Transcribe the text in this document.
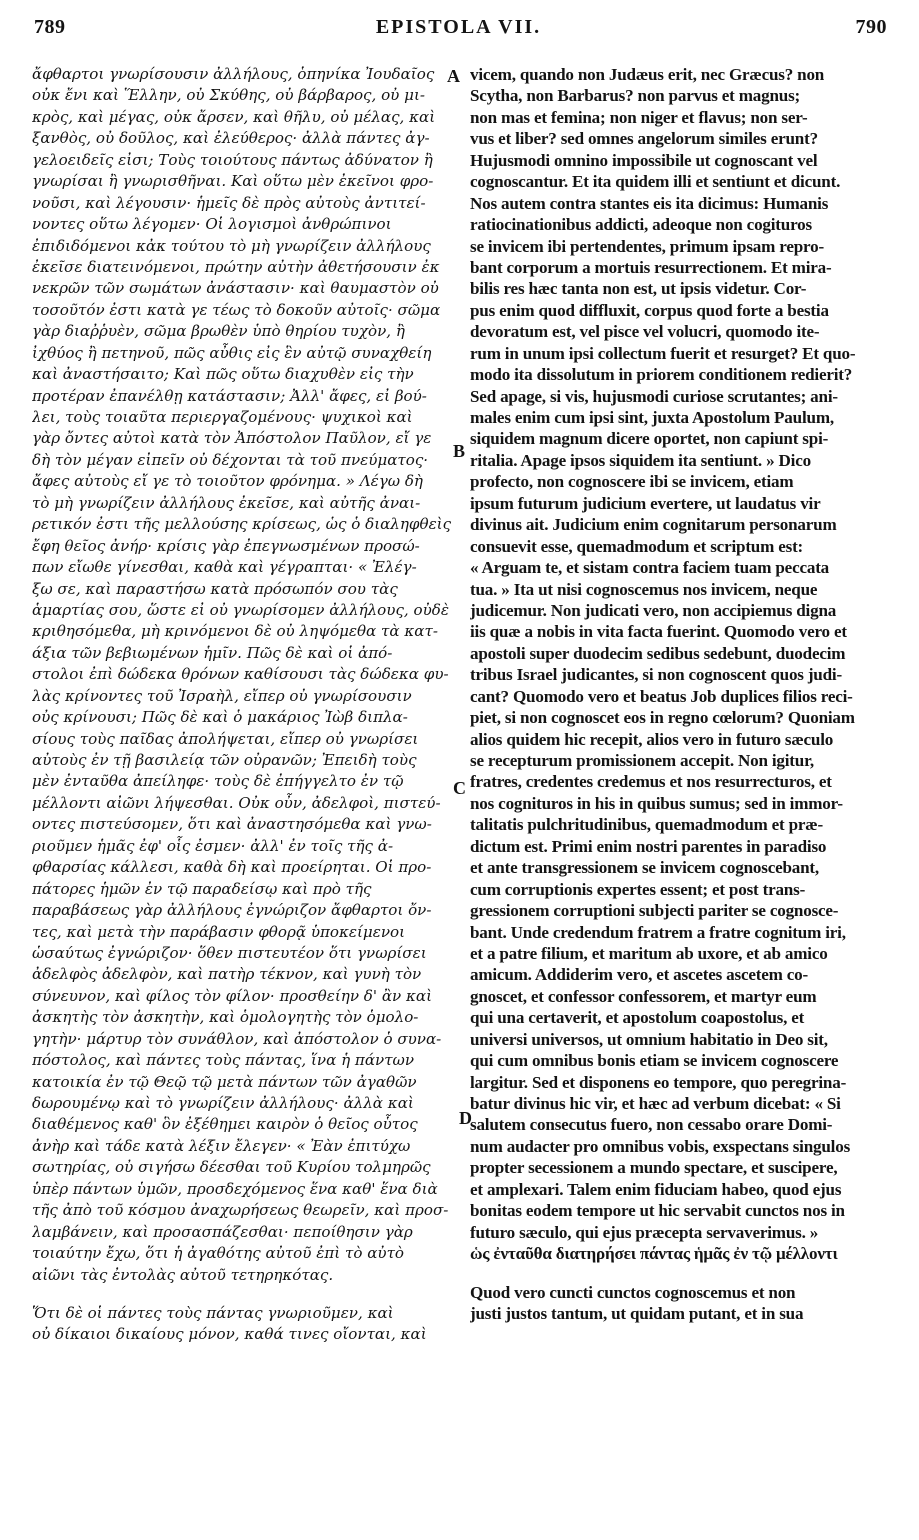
789	EPISTOLA VII.	790
ἄφθαρτοι γνωρίσουσιν ἀλλήλους, ὁπηνίκα Ἰουδαῖος
οὐκ ἔνι καὶ Ἕλλην, οὐ Σκύθης, οὐ βάρβαρος, οὐ μι-
κρὸς, καὶ μέγας, οὐκ ἄρσεν, καὶ θῆλυ, οὐ μέλας, καὶ
ξανθὸς, οὐ δοῦλος, καὶ ἐλεύθερος· ἀλλὰ πάντες ἀγ-
γελοειδεῖς εἰσι; Τοὺς τοιούτους πάντως ἀδύνατον ἢ
γνωρίσαι ἢ γνωρισθῆναι. Καὶ οὕτω μὲν ἐκεῖνοι φρο-
νοῦσι, καὶ λέγουσιν· ἡμεῖς δὲ πρὸς αὐτοὺς ἀντιτεί-
νοντες οὕτω λέγομεν· Οἱ λογισμοὶ ἀνθρώπινοι
ἐπιδιδόμενοι κἀκ τούτου τὸ μὴ γνωρίζειν ἀλλήλους
ἐκεῖσε διατεινόμενοι, πρώτην αὐτὴν ἀθετήσουσιν ἐκ
νεκρῶν τῶν σωμάτων ἀνάστασιν· καὶ θαυμαστὸν οὐ
τοσοῦτόν ἐστι κατὰ γε τέως τὸ δοκοῦν αὐτοῖς· σῶμα
γὰρ διαῤῥυὲν, σῶμα βρωθὲν ὑπὸ θηρίου τυχὸν, ἢ
ἰχθύος ἢ πετηνοῦ, πῶς αὖθις εἰς ἓν αὐτῷ συναχθείη
καὶ ἀναστήσαιτο; Καὶ πῶς οὕτω διαχυθὲν εἰς τὴν
προτέραν ἐπανέλθῃ κατάστασιν; Ἀλλ' ἄφες, εἰ βού-
λει, τοὺς τοιαῦτα περιεργαζομένους· ψυχικοὶ καὶ
γὰρ ὄντες αὐτοὶ κατὰ τὸν Ἀπόστολον Παῦλον, εἴ γε
δὴ τὸν μέγαν εἰπεῖν οὐ δέχονται τὰ τοῦ πνεύματος·
ἄφες αὐτοὺς εἴ γε τὸ τοιοῦτον φρόνημα. » Λέγω δὴ
τὸ μὴ γνωρίζειν ἀλλήλους ἐκεῖσε, καὶ αὐτῆς ἀναι-
ρετικόν ἐστι τῆς μελλούσης κρίσεως, ὡς ὁ διαληφθεὶς
ἔφη θεῖος ἀνήρ· κρίσις γὰρ ἐπεγνωσμένων προσώ-
πων εἴωθε γίνεσθαι, καθὰ καὶ γέγραπται· « Ἐλέγ-
ξω σε, καὶ παραστήσω κατὰ πρόσωπόν σου τὰς
ἁμαρτίας σου, ὥστε εἰ οὐ γνωρίσομεν ἀλλήλους, οὐδὲ
κριθησόμεθα, μὴ κρινόμενοι δὲ οὐ ληψόμεθα τὰ κατ-
άξια τῶν βεβιωμένων ἡμῖν. Πῶς δὲ καὶ οἱ ἀπό-
στολοι ἐπὶ δώδεκα θρόνων καθίσουσι τὰς δώδεκα φυ-
λὰς κρίνοντες τοῦ Ἰσραὴλ, εἴπερ οὐ γνωρίσουσιν
οὐς κρίνουσι; Πῶς δὲ καὶ ὁ μακάριος Ἰὼβ διπλα-
σίους τοὺς παῖδας ἀπολήψεται, εἴπερ οὐ γνωρίσει
αὐτοὺς ἐν τῇ βασιλείᾳ τῶν οὐρανῶν; Ἐπειδὴ τοὺς
μὲν ἐνταῦθα ἀπείληφε· τοὺς δὲ ἐπήγγελτο ἐν τῷ
μέλλοντι αἰῶνι λήψεσθαι. Οὐκ οὖν, ἀδελφοὶ, πιστεύ-
οντες πιστεύσομεν, ὅτι καὶ ἀναστησόμεθα καὶ γνω-
ριοῦμεν ἡμᾶς ἐφ' οἷς ἐσμεν· ἀλλ' ἐν τοῖς τῆς ἀ-
φθαρσίας κάλλεσι, καθὰ δὴ καὶ προείρηται. Οἱ προ-
πάτορες ἡμῶν ἐν τῷ παραδείσῳ καὶ πρὸ τῆς
παραβάσεως γὰρ ἀλλήλους ἐγνώριζον ἄφθαρτοι ὄν-
τες, καὶ μετὰ τὴν παράβασιν φθορᾷ ὑποκείμενοι
ὡσαύτως ἐγνώριζον· ὅθεν πιστευτέον ὅτι γνωρίσει
ἀδελφὸς ἀδελφὸν, καὶ πατὴρ τέκνον, καὶ γυνὴ τὸν
σύνευνον, καὶ φίλος τὸν φίλον· προσθείην δ' ἂν καὶ
ἀσκητὴς τὸν ἀσκητὴν, καὶ ὁμολογητὴς τὸν ὁμολο-
γητὴν· μάρτυρ τὸν συνάθλον, καὶ ἀπόστολον ὁ συνα-
πόστολος, καὶ πάντες τοὺς πάντας, ἵνα ἡ πάντων
κατοικία ἐν τῷ Θεῷ τῷ μετὰ πάντων τῶν ἀγαθῶν
δωρουμένῳ καὶ τὸ γνωρίζειν ἀλλήλους· ἀλλὰ καὶ
διαθέμενος καθ' ὃν ἐξέθημει καιρὸν ὁ θεῖος οὗτος
ἀνὴρ καὶ τάδε κατὰ λέξιν ἔλεγεν· « Ἐὰν ἐπιτύχω
σωτηρίας, οὐ σιγήσω δέεσθαι τοῦ Κυρίου τολμηρῶς
ὑπὲρ πάντων ὑμῶν, προσδεχόμενος ἕνα καθ' ἕνα διὰ
τῆς ἀπὸ τοῦ κόσμου ἀναχωρήσεως θεωρεῖν, καὶ προσ-
λαμβάνειν, καὶ προσασπάζεσθαι· πεποίθησιν γὰρ
τοιαύτην ἔχω, ὅτι ἡ ἀγαθότης αὐτοῦ ἐπὶ τὸ αὐτὸ
αἰῶνι τὰς ἐντολὰς αὐτοῦ τετηρηκότας.
Ὅτι δὲ οἱ πάντες τοὺς πάντας γνωριοῦμεν, καὶ
οὐ δίκαιοι δικαίους μόνον, καθά τινες οἴονται, καὶ
vicem, quando non Judæus erit, nec Græcus? non
Scytha, non Barbarus? non parvus et magnus;
non mas et femina; non niger et flavus; non ser-
vus et liber? sed omnes angelorum similes erunt?
Hujusmodi omnino impossibile ut cognoscant vel
cognoscantur. Et ita quidem illi et sentiunt et dicunt.
Nos autem contra stantes eis ita dicimus: Humanis
ratiocinationibus addicti, adeoque non cogituros
se invicem ibi pertendentes, primum ipsam repro-
bant corporum a mortuis resurrectionem. Et mira-
bilis res hæc tanta non est, ut ipsis videtur. Cor-
pus enim quod diffluxit, corpus quod forte a bestia
devoratum est, vel pisce vel volucri, quomodo ite-
rum in unum ipsi collectum fuerit et resurget? Et quo-
modo ita dissolutum in priorem conditionem redierit?
Sed apage, si vis, hujusmodi curiose scrutantes; ani-
males enim cum ipsi sint, juxta Apostolum Paulum,
siquidem magnum dicere oportet, non capiunt spi-
ritalia. Apage ipsos siquidem ita sentiunt. » Dico
profecto, non cognoscere ibi se invicem, etiam
ipsum futurum judicium evertere, ut laudatus vir
divinus ait. Judicium enim cognitarum personarum
consuevit esse, quemadmodum et scriptum est:
« Arguam te, et sistam contra faciem tuam peccata
tua. » Ita ut nisi cognoscemus nos invicem, neque
judicemur. Non judicati vero, non accipiemus digna
iis quæ a nobis in vita facta fuerint. Quomodo vero et
apostoli super duodecim sedibus sedebunt, duodecim
tribus Israel judicantes, si non cognoscent quos judi-
cant? Quomodo vero et beatus Job duplices filios reci-
piet, si non cognoscet eos in regno cœlorum? Quoniam
alios quidem hic recepit, alios vero in futuro sæculo
se recepturum promissionem accepit. Non igitur,
fratres, credentes credemus et nos resurrecturos, et
nos cognituros in his in quibus sumus; sed in immor-
talitatis pulchritudinibus, quemadmodum et præ-
dictum est. Primi enim nostri parentes in paradiso
et ante transgressionem se invicem cognoscebant,
cum corruptionis expertes essent; et post trans-
gressionem corruptioni subjecti pariter se cognosce-
bant. Unde credendum fratrem a fratre cognitum iri,
et a patre filium, et maritum ab uxore, et ab amico
amicum. Addiderim vero, et ascetes ascetem co-
gnoscet, et confessor confessorem, et martyr eum
qui una certaverit, et apostolum coapostolus, et
universi universos, ut omnium habitatio in Deo sit,
qui cum omnibus bonis etiam se invicem cognoscere
largitur. Sed et disponens eo tempore, quo peregrina-
batur divinus hic vir, et hæc ad verbum dicebat: « Si
salutem consecutus fuero, non cessabo orare Domi-
num audacter pro omnibus vobis, exspectans singulos
propter secessionem a mundo spectare, et suscipere,
et amplexari. Talem enim fiduciam habeo, quod ejus
bonitas eodem tempore ut hic servabit cunctos nos in
futuro sæculo, qui ejus præcepta servaverimus. »
ὡς ἐνταῦθα διατηρήσει πάντας ἡμᾶς ἐν τῷ μέλλοντι
Quod vero cuncti cunctos cognoscemus et non
justi justos tantum, ut quidam putant, et in sua
A
B
C
D
